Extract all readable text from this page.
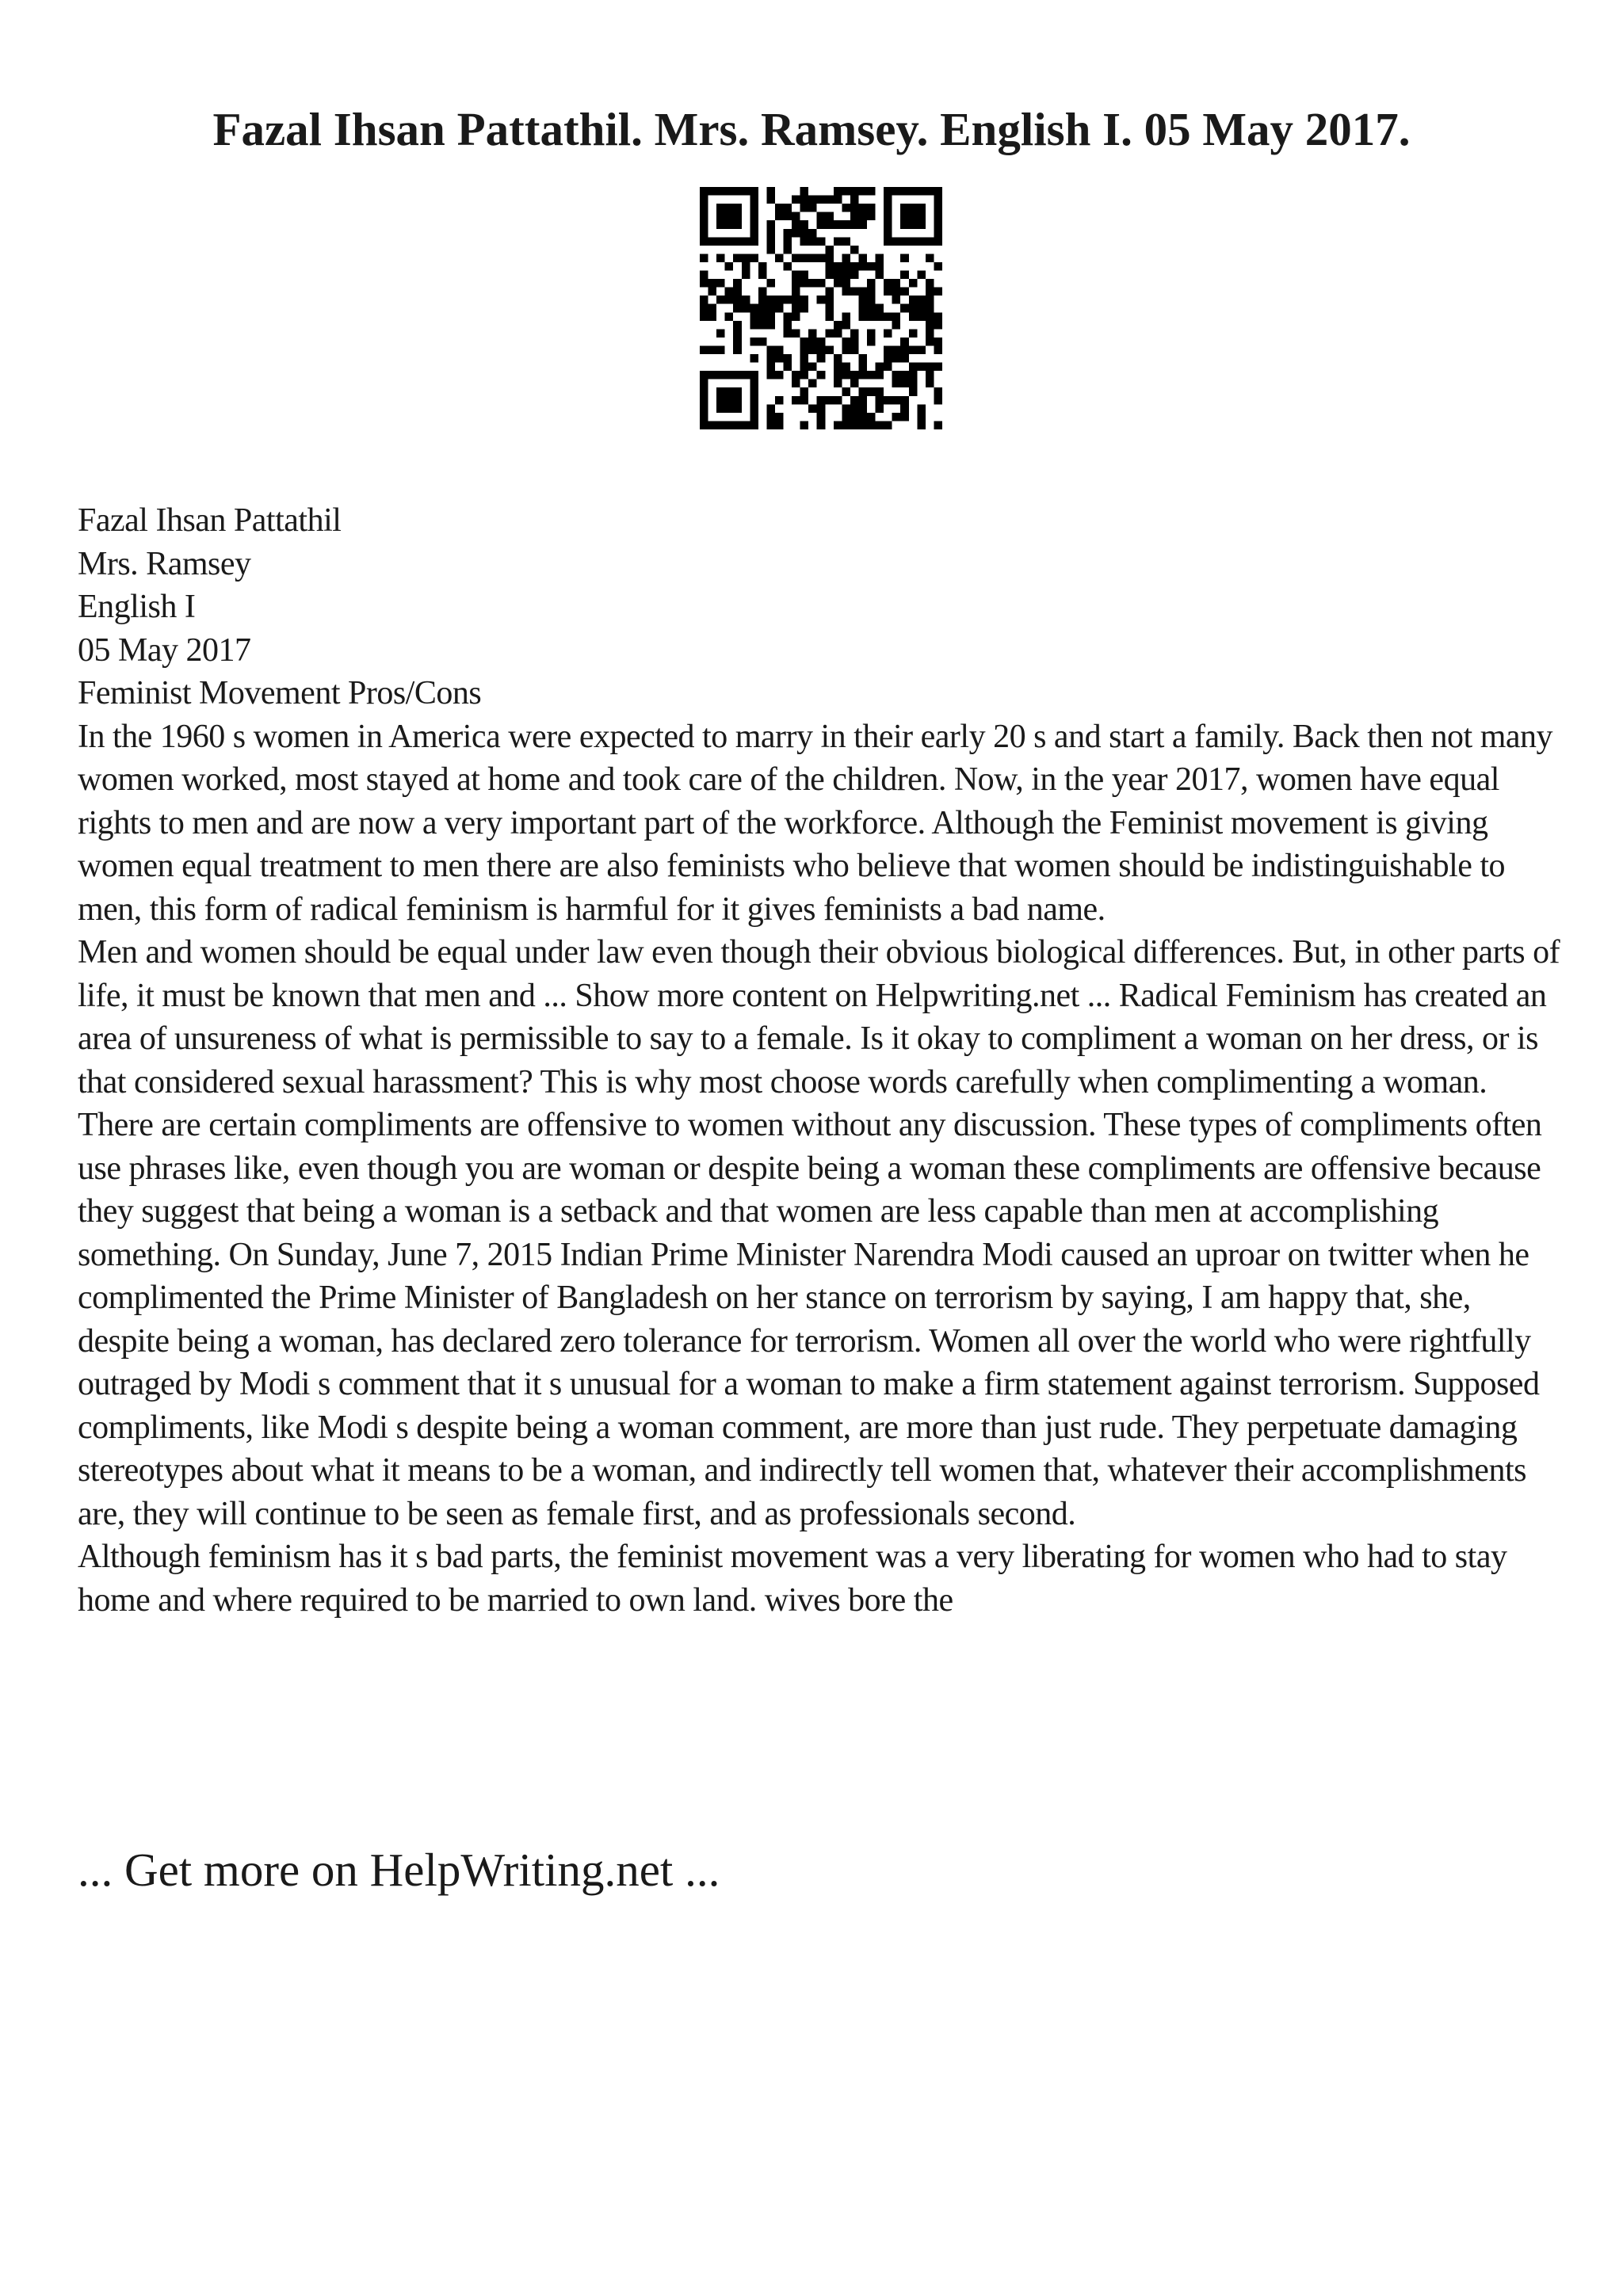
Fazal Ihsan Pattathil. Mrs. Ramsey. English I. 05 May 2017.
Fazal Ihsan Pattathil
Mrs. Ramsey
English I
05 May 2017
Feminist Movement Pros/Cons
In the 1960 s women in America were expected to marry in their early 20 s and start a family. Back then not many women worked, most stayed at home and took care of the children. Now, in the year 2017, women have equal rights to men and are now a very important part of the workforce. Although the Feminist movement is giving women equal treatment to men there are also feminists who believe that women should be indistinguishable to men, this form of radical feminism is harmful for it gives feminists a bad name.
Men and women should be equal under law even though their obvious biological differences. But, in other parts of life, it must be known that men and ... Show more content on Helpwriting.net ... Radical Feminism has created an area of unsureness of what is permissible to say to a female. Is it okay to compliment a woman on her dress, or is that considered sexual harassment? This is why most choose words carefully when complimenting a woman.
There are certain compliments are offensive to women without any discussion. These types of compliments often use phrases like, even though you are woman or despite being a woman these compliments are offensive because they suggest that being a woman is a setback and that women are less capable than men at accomplishing something. On Sunday, June 7, 2015 Indian Prime Minister Narendra Modi caused an uproar on twitter when he complimented the Prime Minister of Bangladesh on her stance on terrorism by saying, I am happy that, she, despite being a woman, has declared zero tolerance for terrorism. Women all over the world who were rightfully outraged by Modi s comment that it s unusual for a woman to make a firm statement against terrorism. Supposed compliments, like Modi s despite being a woman comment, are more than just rude. They perpetuate damaging stereotypes about what it means to be a woman, and indirectly tell women that, whatever their accomplishments are, they will continue to be seen as female first, and as professionals second.
Although feminism has it s bad parts, the feminist movement was a very liberating for women who had to stay home and where required to be married to own land. wives bore the
... Get more on HelpWriting.net ...
